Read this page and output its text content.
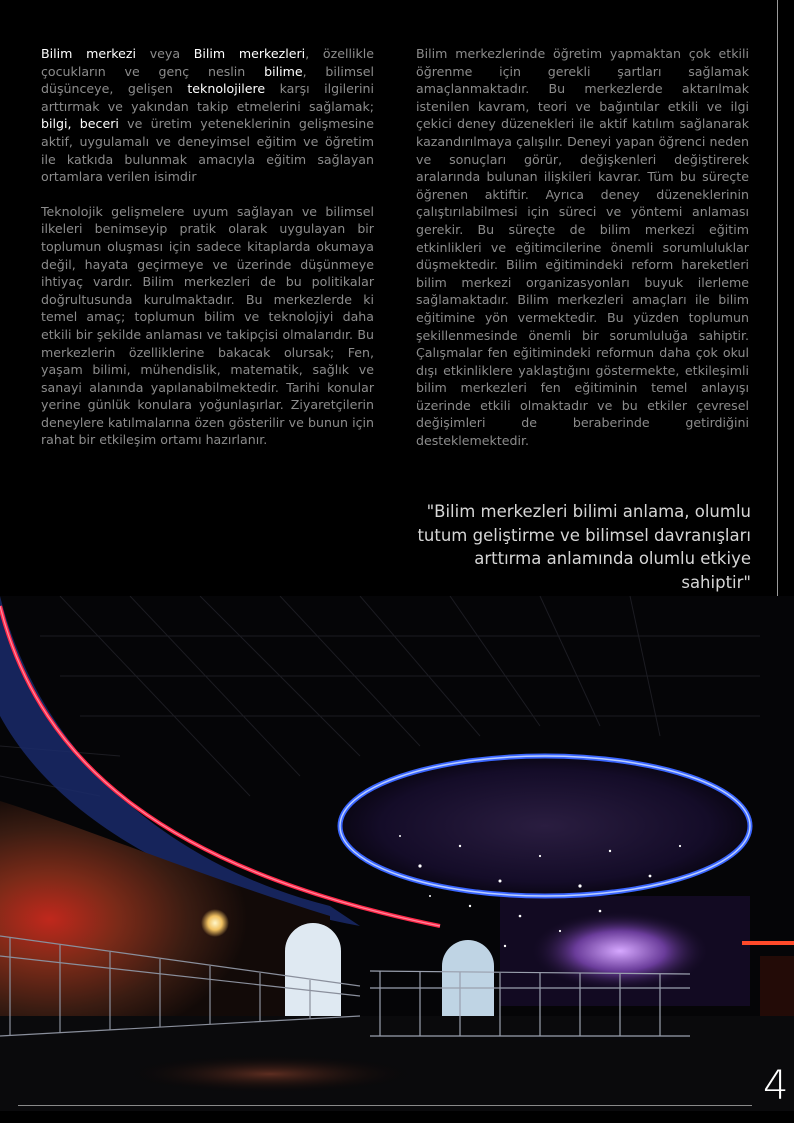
Bilim merkezi veya Bilim merkezleri, özellikle çocukların ve genç neslin bilime, bilimsel düşünceye, gelişen teknolojilere karşı ilgilerini arttırmak ve yakından takip etmelerini sağlamak; bilgi, beceri ve üretim yeteneklerinin gelişmesine aktif, uygulamalı ve deneyimsel eğitim ve öğretim ile katkıda bulunmak amacıyla eğitim sağlayan ortamlara verilen isimdir

Teknolojik gelişmelere uyum sağlayan ve bilimsel ilkeleri benimseyip pratik olarak uygulayan bir toplumun oluşması için sadece kitaplarda okumaya değil, hayata geçirmeye ve üzerinde düşünmeye ihtiyaç vardır. Bilim merkezleri de bu politikalar doğrultusunda kurulmaktadır. Bu merkezlerde ki temel amaç; toplumun bilim ve teknolojiyi daha etkili bir şekilde anlaması ve takipçisi olmalarıdır. Bu merkezlerin özelliklerine bakacak olursak; Fen, yaşam bilimi, mühendislik, matematik, sağlık ve sanayi alanında yapılanabilmektedir. Tarihi konular yerine günlük konulara yoğunlaşırlar. Ziyaretçilerin deneylere katılmalarına özen gösterilir ve bunun için rahat bir etkileşim ortamı hazırlanır.

Bilim merkezlerinde öğretim yapmaktan çok etkili öğrenme için gerekli şartları sağlamak amaçlanmaktadır. Bu merkezlerde aktarılmak istenilen kavram, teori ve bağıntılar etkili ve ilgi çekici deney düzenekleri ile aktif katılım sağlanarak kazandırılmaya çalışılır. Deneyi yapan öğrenci neden ve sonuçları görür, değişkenleri değiştirerek aralarında bulunan ilişkileri kavrar. Tüm bu süreçte öğrenen aktiftir. Ayrıca deney düzeneklerinin çalıştırılabilmesi için süreci ve yöntemi anlaması gerekir. Bu süreçte de bilim merkezi eğitim etkinlikleri ve eğitimcilerine önemli sorumluluklar düşmektedir. Bilim eğitimindeki reform hareketleri bilim merkezi organizasyonları buyuk ilerleme sağlamaktadır. Bilim merkezleri amaçları ile bilim eğitimine yön vermektedir. Bu yüzden toplumun şekillenmesinde önemli bir sorumluluğa sahiptir. Çalışmalar fen eğitimindeki reformun daha çok okul dışı etkinliklere yaklaştığını göstermekte, etkileşimli bilim merkezleri fen eğitiminin temel anlayışı üzerinde etkili olmaktadır ve bu etkiler çevresel değişimleri de beraberinde getirdiğini desteklemektedir.

"Bilim merkezleri bilimi anlama, olumlu tutum geliştirme ve bilimsel davranışları arttırma anlamında olumlu etkiye sahiptir"
4
